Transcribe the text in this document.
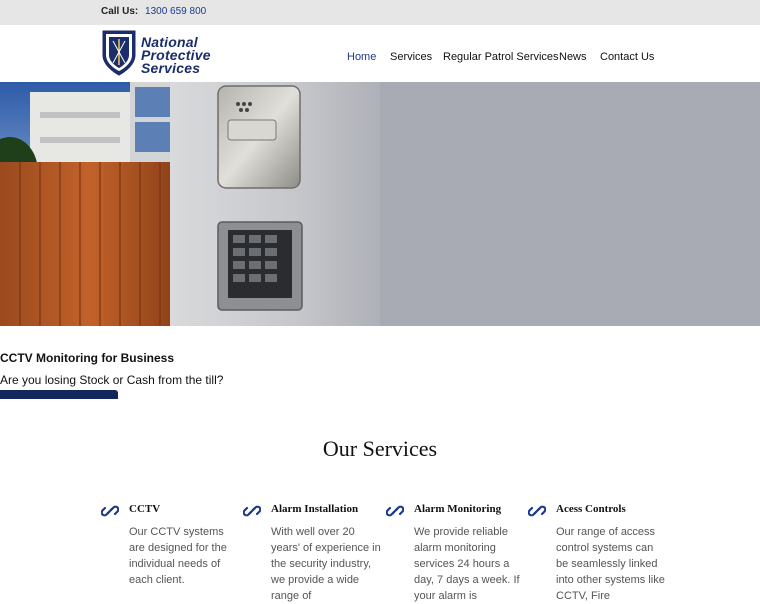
Call Us: 1300 659 800
National
Protective
Services
Home Services Regular Patrol Services News Contact Us
CCTV Monitoring for Business
Are you losing Stock or Cash from the till?
Our Services
CCTV
Our CCTV systems are designed for the individual needs of each client.
Alarm Installation
With well over 20 years' of experience in the security industry, we provide a wide range of
Alarm Monitoring
We provide reliable alarm monitoring services 24 hours a day, 7 days a week. If your alarm is
Acess Controls
Our range of access control systems can be seamlessly linked into other systems like CCTV, Fire
